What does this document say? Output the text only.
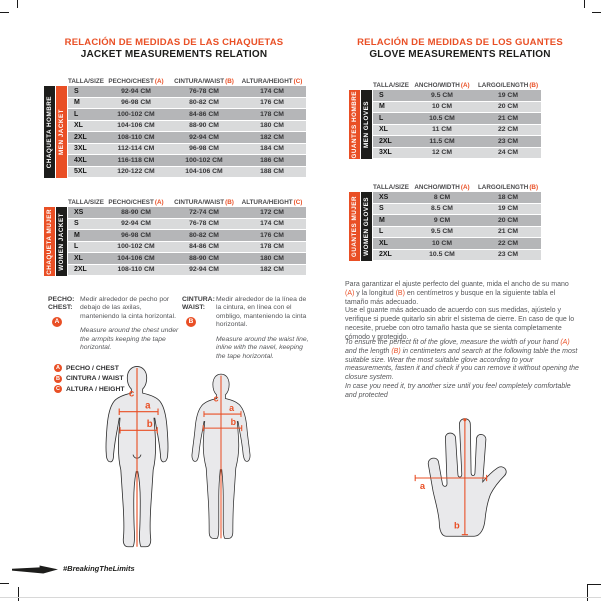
RELACIÓN DE MEDIDAS DE LAS CHAQUETAS
JACKET MEASUREMENTS RELATION
TALLA/SIZE PECHO/CHEST(A)	CINTURA/WAIST(B)	ALTURA/HEIGHT(C)
CHAQUETA HOMBRE MEN JACKET
S	92-94 CM	76-78 CM	174 CM
M	96-98 CM	80-82 CM	176 CM
L	100-102 CM	84-86 CM	178 CM
XL	104-106 CM	88-90 CM	180 CM
2XL	108-110 CM	92-94 CM	182 CM
3XL	112-114 CM	96-98 CM	184 CM
4XL	116-118 CM	100-102 CM	186 CM
5XL	120-122 CM	104-106 CM	188 CM
TALLA/SIZE PECHO/CHEST(A)	CINTURA/WAIST(B)	ALTURA/HEIGHT(C)
CHAQUETA MUJER WOMEN JACKET
XS	88-90 CM	72-74 CM	172 CM
S	92-94 CM	76-78 CM	174 CM
M	96-98 CM	80-82 CM	176 CM
L	100-102 CM	84-86 CM	178 CM
XL	104-106 CM	88-90 CM	180 CM
2XL	108-110 CM	92-94 CM	182 CM
PECHO:
CHEST:
A

Medir alrededor de pecho por debajo de las axilas, manteniendo la cinta horizontal.

Measure around the chest under the armpits keeping the tape horizontal.

CINTURA:
WAIST:
B

Medir alrededor de la línea de la cintura, en línea con el ombligo, manteniendo la cinta horizontal.

Measure around the waist line, inline with the navel, keeping the tape horizontal.

A PECHO / CHEST
B CINTURA / WAIST
C ALTURA / HEIGHT c
a
b
c
a
b
RELACIÓN DE MEDIDAS DE LOS GUANTES
GLOVE MEASUREMENTS RELATION
TALLA/SIZE ANCHO/WIDTH(A)	LARGO/LENGTH(B)
GUANTES HOMBRE MEN GLOVES
S	9.5 CM	19 CM
M	10 CM	20 CM
L	10.5 CM	21 CM
XL	11 CM	22 CM
2XL	11.5 CM	23 CM
3XL	12 CM	24 CM
TALLA/SIZE ANCHO/WIDTH(A)	LARGO/LENGTH(B)
GUANTES MUJER WOMEN GLOVES	XS	8 CM	18 CM
S	8.5 CM	19 CM
M	9 CM	20 CM
L	9.5 CM	21 CM
XL	10 CM	22 CM
2XL	10.5 CM	23 CM

Para garantizar el ajuste perfecto del guante, mida el ancho de su mano (A) y la longitud (B) en centímetros y busque en la siguiente tabla el tamaño más adecuado.

Use el guante más adecuado de acuerdo con sus medidas, ajústelo y verifique si puede quitarlo sin abrir el sistema de cierre. En caso de que lo necesite, pruebe con otro tamaño hasta que se sienta completamente cómodo y protegido.

To ensure the perfect fit of the glove, measure the width of your hand (A) and the length (B) in centimeters and search at the following table the most suitable size. Wear the most suitable glove according to your measurements, fasten it and check if you can remove it without opening the closure system.

In case you need it, try another size until you feel completely comfortable and protected

a
b
#BreakingTheLimits
